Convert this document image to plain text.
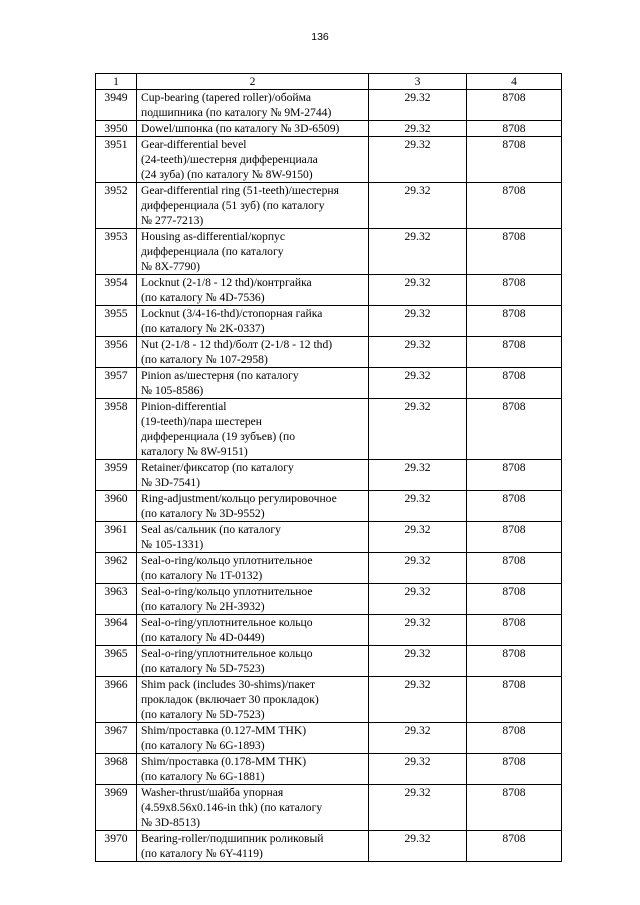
136
1	2	3	4
3949	Cup-bearing (tapered roller)/обойма
подшипника (по каталогу № 9M-2744)	29.32	8708
3950	Dowel/шпонка (по каталогу № 3D-6509)	29.32	8708
3951	Gear-differential bevel
(24-teeth)/шестерня дифференциала
(24 зуба) (по каталогу № 8W-9150)	29.32	8708
3952	Gear-differential ring (51-teeth)/шестерня
дифференциала (51 зуб) (по каталогу
№ 277-7213)	29.32	8708
3953	Housing as-differential/корпус
дифференциала (по каталогу
№ 8X-7790)	29.32	8708
3954	Locknut (2-1/8 - 12 thd)/контргайка
(по каталогу № 4D-7536)	29.32	8708
3955	Locknut (3/4-16-thd)/стопорная гайка
(по каталогу № 2K-0337)	29.32	8708
3956	Nut (2-1/8 - 12 thd)/болт (2-1/8 - 12 thd)
(по каталогу № 107-2958)	29.32	8708
3957	Pinion as/шестерня (по каталогу
№ 105-8586)	29.32	8708
3958	Pinion-differential
(19-teeth)/пара шестерен
дифференциала (19 зубъев) (по
каталогу № 8W-9151)	29.32	8708
3959	Retainer/фиксатор (по каталогу
№ 3D-7541)	29.32	8708
3960	Ring-adjustment/кольцо регулировочное
(по каталогу № 3D-9552)	29.32	8708
3961	Seal as/сальник (по каталогу
№ 105-1331)	29.32	8708
3962	Seal-o-ring/кольцо уплотнительное
(по каталогу № 1T-0132)	29.32	8708
3963	Seal-o-ring/кольцо уплотнительное
(по каталогу № 2H-3932)	29.32	8708
3964	Seal-o-ring/уплотнительное кольцо
(по каталогу № 4D-0449)	29.32	8708
3965	Seal-o-ring/уплотнительное кольцо
(по каталогу № 5D-7523)	29.32	8708
3966	Shim pack (includes 30-shims)/пакет
прокладок (включает 30 прокладок)
(по каталогу № 5D-7523)	29.32	8708
3967	Shim/проставка (0.127-MM THK)
(по каталогу № 6G-1893)	29.32	8708
3968	Shim/проставка (0.178-MM THK)
(по каталогу № 6G-1881)	29.32	8708
3969	Washer-thrust/шайба упорная
(4.59x8.56x0.146-in thk) (по каталогу
№ 3D-8513)	29.32	8708
3970	Bearing-roller/подшипник роликовый
(по каталогу № 6Y-4119)	29.32	8708
